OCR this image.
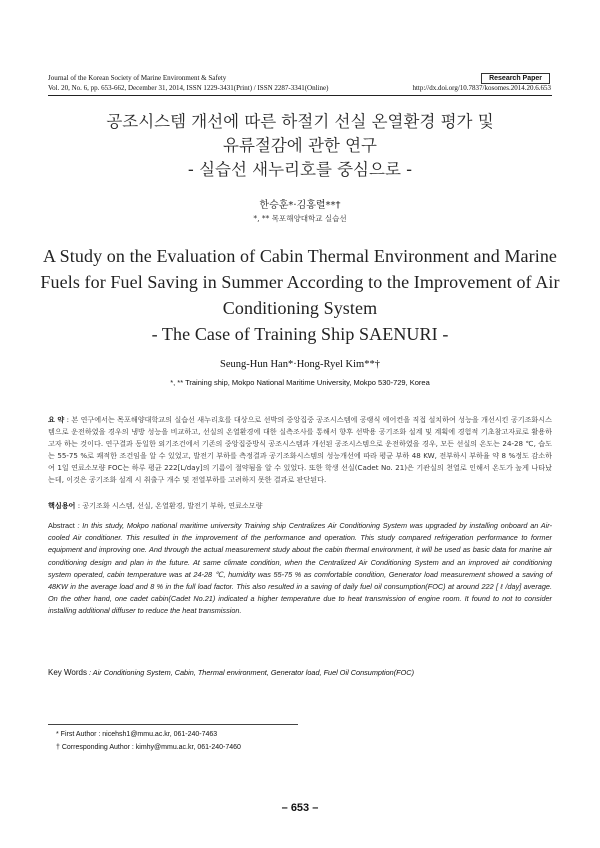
Journal of the Korean Society of Marine Environment & Safety	Research Paper
Vol. 20, No. 6, pp. 653-662, December 31, 2014, ISSN 1229-3431(Print) / ISSN 2287-3341(Online)	http://dx.doi.org/10.7837/kosomes.2014.20.6.653
공조시스템 개선에 따른 하절기 선실 온열환경 평가 및
유류절감에 관한 연구
- 실습선 새누리호를 중심으로 -
한승훈*·김홍렬**†
*, ** 목포해양대학교 실습선
A Study on the Evaluation of Cabin Thermal Environment and Marine
Fuels for Fuel Saving in Summer According to the Improvement of Air
Conditioning System
- The Case of Training Ship SAENURI -
Seung-Hun Han*·Hong-Ryel Kim**†
*, ** Training ship, Mokpo National Maritime University, Mokpo 530-729, Korea
요 약 : 본 연구에서는 목포해양대학교의 실습선 새누리호를 대상으로 선박의 중앙집중 공조시스템에 공랭식 에어컨을 직접 설치하여 성능을 개선시킨 공기조화시스템으로 운전하였을 경우의 냉방 성능을 비교하고, 선실의 온열환경에 대한 실측조사를 통해서 향후 선박용 공기조화 설계 및 계획에 경험적 기초참고자료로 활용하고자 하는 것이다. 연구결과 동일한 외기조건에서 기존의 중앙집중방식 공조시스템과 개선된 공조시스템으로 운전하였을 경우, 모든 선실의 온도는 24-28 ℃, 습도는 55-75 %로 쾌적한 조건임을 알 수 있었고, 발전기 부하를 측정결과 공기조화시스템의 성능개선에 따라 평균 부하 48 KW, 전부하시 부하율 약 8 %정도 감소하여 1일 연료소모량 FOC는 하루 평균 222[L/day]의 기름이 절약됨을 알 수 있었다. 또한 학생 선실(Cadet No. 21)은 기관실의 천열로 인해서 온도가 높게 나타났는데, 이것은 공기조화 설계 시 취출구 개수 및 전열부하를 고려하지 못한 결과로 판단된다.
핵심용어 : 공기조화 시스템, 선실, 온열환경, 발전기 부하, 연료소모량
Abstract : In this study, Mokpo national maritime university Training ship Centralizes Air Conditioning System was upgraded by installing onboard an Air-cooled Air conditioner. This resulted in the improvement of the performance and operation. This study compared refrigeration performance to former equipment and improving one. And through the actual measurement study about the cabin thermal environment, it will be used as basic data for marine air conditioning design and plan in the future. At same climate condition, when the Centralized Air Conditioning System and an improved air conditioning system operated, cabin temperature was at 24-28 ℃, humidity was 55-75 % as comfortable condition, Generator load measurement showed a saving of 48KW in the average load and 8 % in the full load factor. This also resulted in a saving of daily fuel oil consumption(FOC) at around 222 [ ℓ /day] average. On the other hand, one cadet cabin(Cadet No.21) indicated a higher temperature due to heat transmission of engine room. It found to not to consider installing additional diffuser to reduce the heat transmission.
Key Words : Air Conditioning System, Cabin, Thermal environment, Generator load, Fuel Oil Consumption(FOC)
* First Author : nicehsh1@mmu.ac.kr, 061-240-7463
† Corresponding Author : kimhy@mmu.ac.kr, 061-240-7460
– 653 –
